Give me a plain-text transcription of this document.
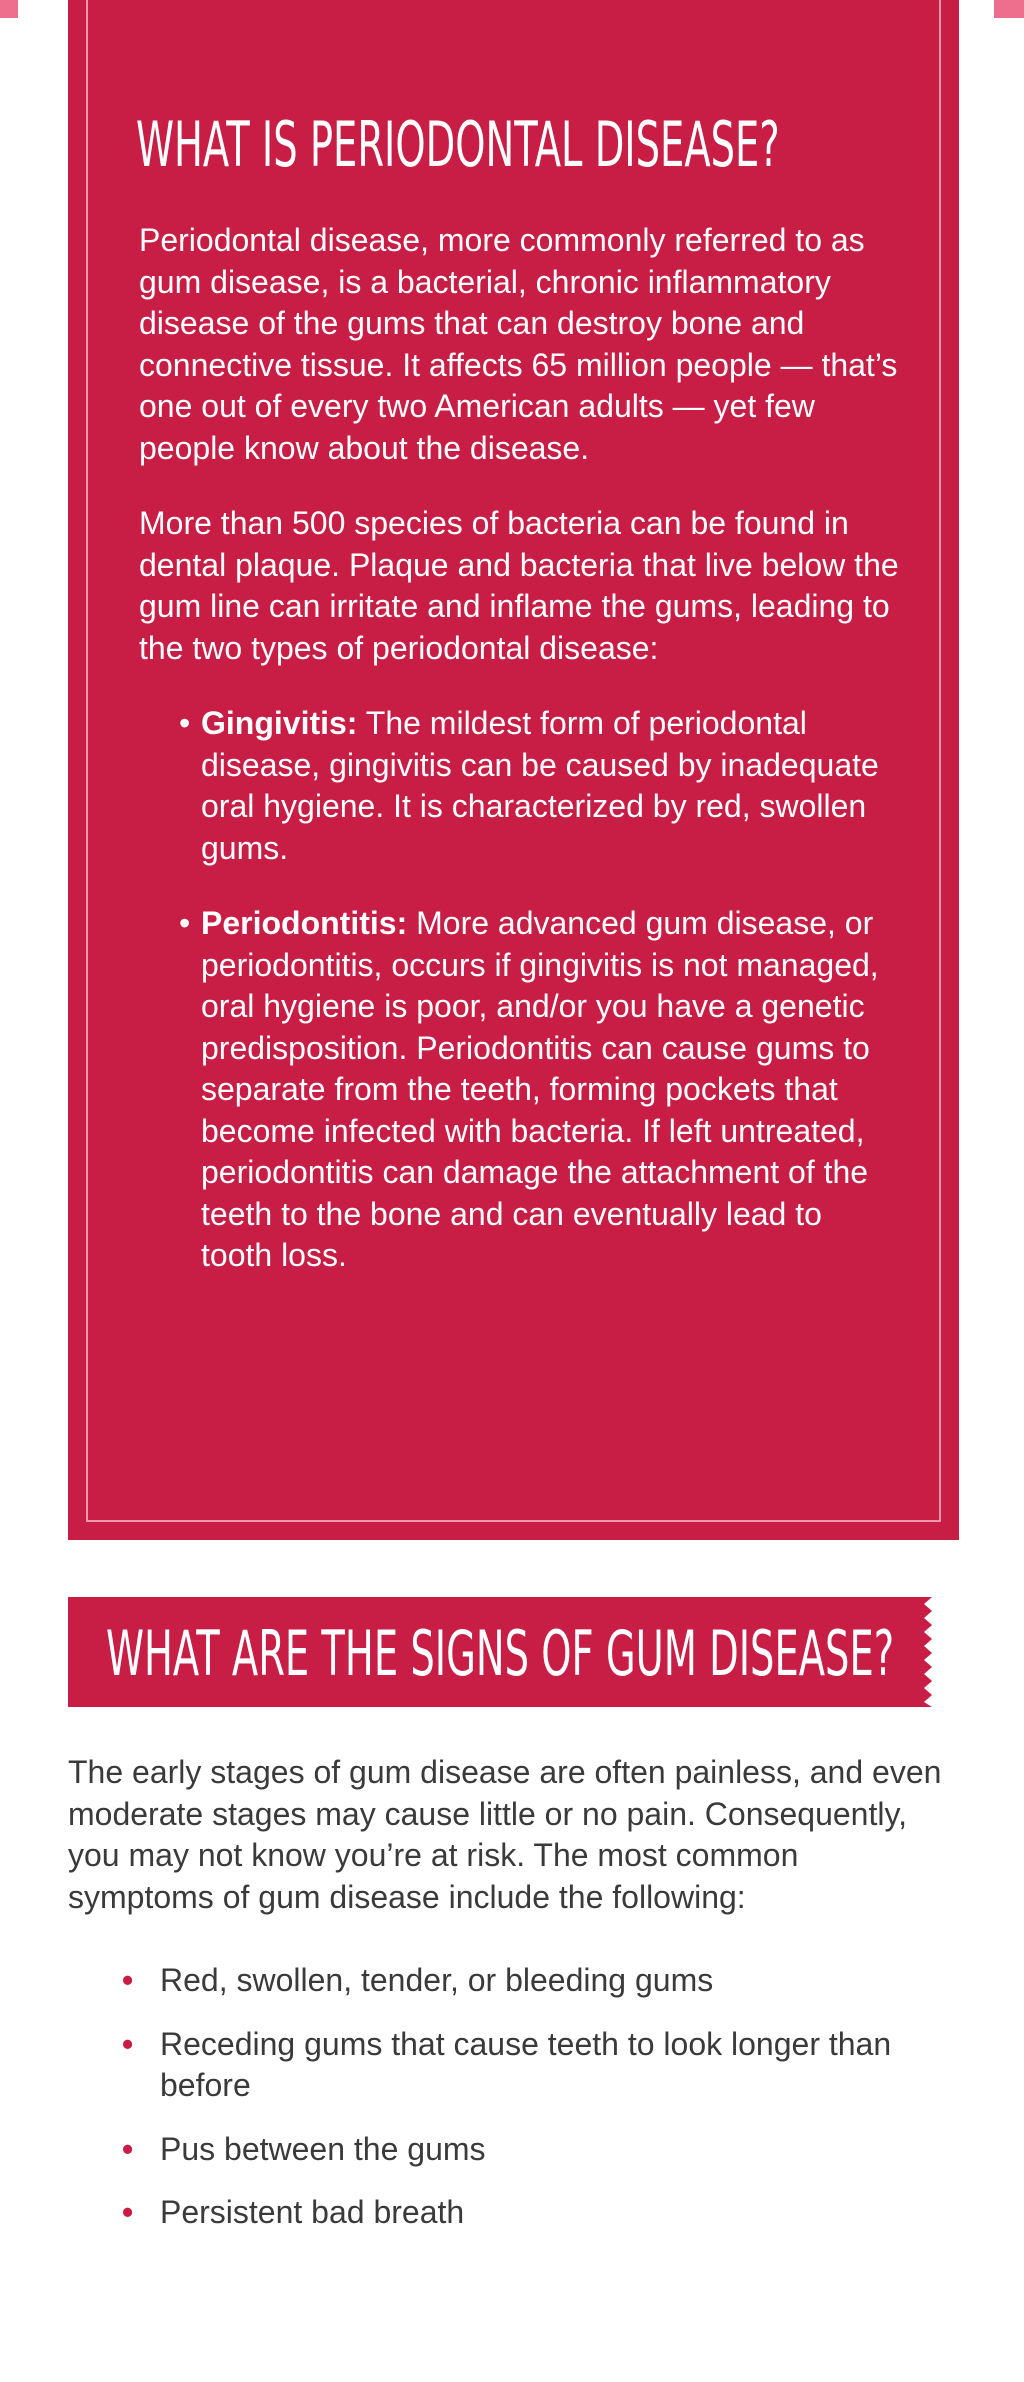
WHAT IS PERIODONTAL DISEASE?

Periodontal disease, more commonly referred to as gum disease, is a bacterial, chronic inflammatory disease of the gums that can destroy bone and connective tissue. It affects 65 million people — that’s one out of every two American adults — yet few people know about the disease.

More than 500 species of bacteria can be found in dental plaque. Plaque and bacteria that live below the gum line can irritate and inflame the gums, leading to the two types of periodontal disease:

• Gingivitis: The mildest form of periodontal disease, gingivitis can be caused by inadequate oral hygiene. It is characterized by red, swollen gums.
• Periodontitis: More advanced gum disease, or periodontitis, occurs if gingivitis is not managed, oral hygiene is poor, and/or you have a genetic predisposition. Periodontitis can cause gums to separate from the teeth, forming pockets that become infected with bacteria. If left untreated, periodontitis can damage the attachment of the teeth to the bone and can eventually lead to tooth loss.
WHAT ARE THE SIGNS OF GUM DISEASE?

The early stages of gum disease are often painless, and even moderate stages may cause little or no pain. Consequently, you may not know you’re at risk. The most common symptoms of gum disease include the following:

• Red, swollen, tender, or bleeding gums
• Receding gums that cause teeth to look longer than before
• Pus between the gums
• Persistent bad breath
